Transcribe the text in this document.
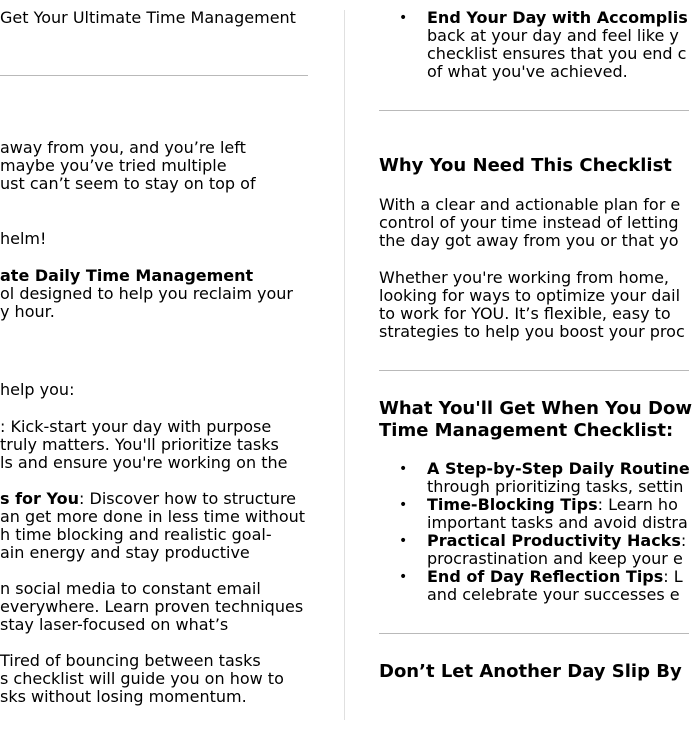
Get Your Ultimate Time Management
away from you, and you’re left
maybe you’ve tried multiple
ust can’t seem to stay on top of
helm!
ate Daily Time Management
ol designed to help you reclaim your
y hour.
help you:
: Kick-start your day with purpose
truly matters. You'll prioritize tasks
ls and ensure you're working on the
s for You: Discover how to structure
an get more done in less time without
h time blocking and realistic goal-
ain energy and stay productive
n social media to constant email
everywhere. Learn proven techniques
stay laser-focused on what’s
Tired of bouncing between tasks
s checklist will guide you on how to
sks without losing momentum.
• End Your Day with Accomplis
back at your day and feel like y
checklist ensures that you end c
of what you've achieved.
Why You Need This Checklist
With a clear and actionable plan for e
control of your time instead of letting
the day got away from you or that yo
Whether you're working from home,
looking for ways to optimize your dail
to work for YOU. It’s flexible, easy to
strategies to help you boost your proc
What You'll Get When You Dow
Time Management Checklist:
• A Step-by-Step Daily Routine
through prioritizing tasks, settin
• Time-Blocking Tips: Learn ho
important tasks and avoid distra
• Practical Productivity Hacks:
procrastination and keep your e
• End of Day Reflection Tips: L
and celebrate your successes e
Don’t Let Another Day Slip By
